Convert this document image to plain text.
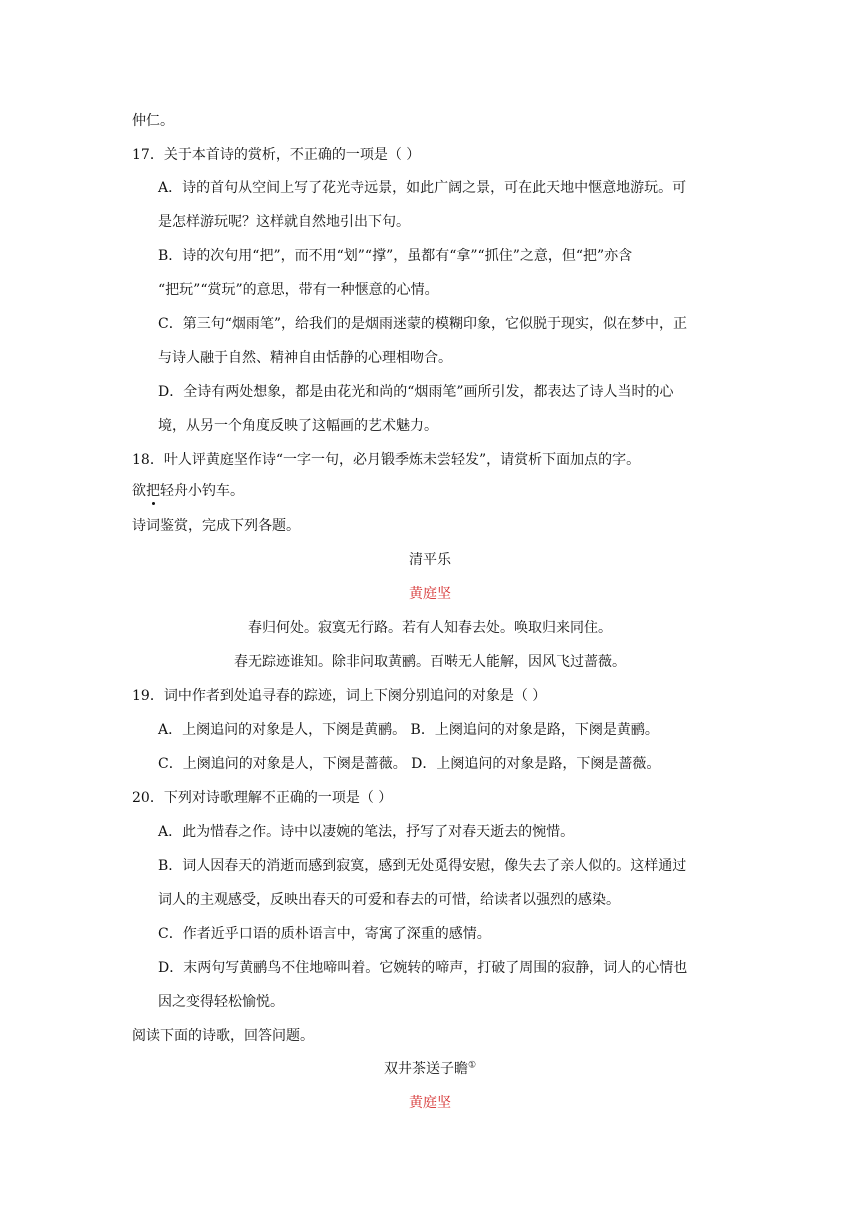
仲仁。
17．关于本首诗的赏析，不正确的一项是（ ）
A．诗的首句从空间上写了花光寺远景，如此广阔之景，可在此天地中惬意地游玩。可
是怎样游玩呢？这样就自然地引出下句。
B．诗的次句用“把”，而不用“划”“撑”，虽都有“拿”“抓住”之意，但“把”亦含
“把玩”“赏玩”的意思，带有一种惬意的心情。
C．第三句“烟雨笔”，给我们的是烟雨迷蒙的模糊印象，它似脱于现实，似在梦中，正
与诗人融于自然、精神自由恬静的心理相吻合。
D．全诗有两处想象，都是由花光和尚的“烟雨笔”画所引发，都表达了诗人当时的心
境，从另一个角度反映了这幅画的艺术魅力。
18．叶人评黄庭坚作诗“一字一句，必月锻季炼未尝轻发”，请赏析下面加点的字。
欲把轻舟小钓车。
诗词鉴赏，完成下列各题。
清平乐
黄庭坚
春归何处。寂寞无行路。若有人知春去处。唤取归来同住。
春无踪迹谁知。除非问取黄鹂。百啭无人能解，因风飞过蔷薇。
19．词中作者到处追寻春的踪迹，词上下阕分别追问的对象是（ ）
A．上阕追问的对象是人，下阕是黄鹂。 B．上阕追问的对象是路，下阕是黄鹂。
C．上阕追问的对象是人，下阕是蔷薇。 D．上阕追问的对象是路，下阕是蔷薇。
20．下列对诗歌理解不正确的一项是（ ）
A．此为惜春之作。诗中以凄婉的笔法，抒写了对春天逝去的惋惜。
B．词人因春天的消逝而感到寂寞，感到无处觅得安慰，像失去了亲人似的。这样通过
词人的主观感受，反映出春天的可爱和春去的可惜，给读者以强烈的感染。
C．作者近乎口语的质朴语言中，寄寓了深重的感情。
D．末两句写黄鹂鸟不住地啼叫着。它婉转的啼声，打破了周围的寂静，词人的心情也
因之变得轻松愉悦。
阅读下面的诗歌，回答问题。
双井茶送子瞻①
黄庭坚
